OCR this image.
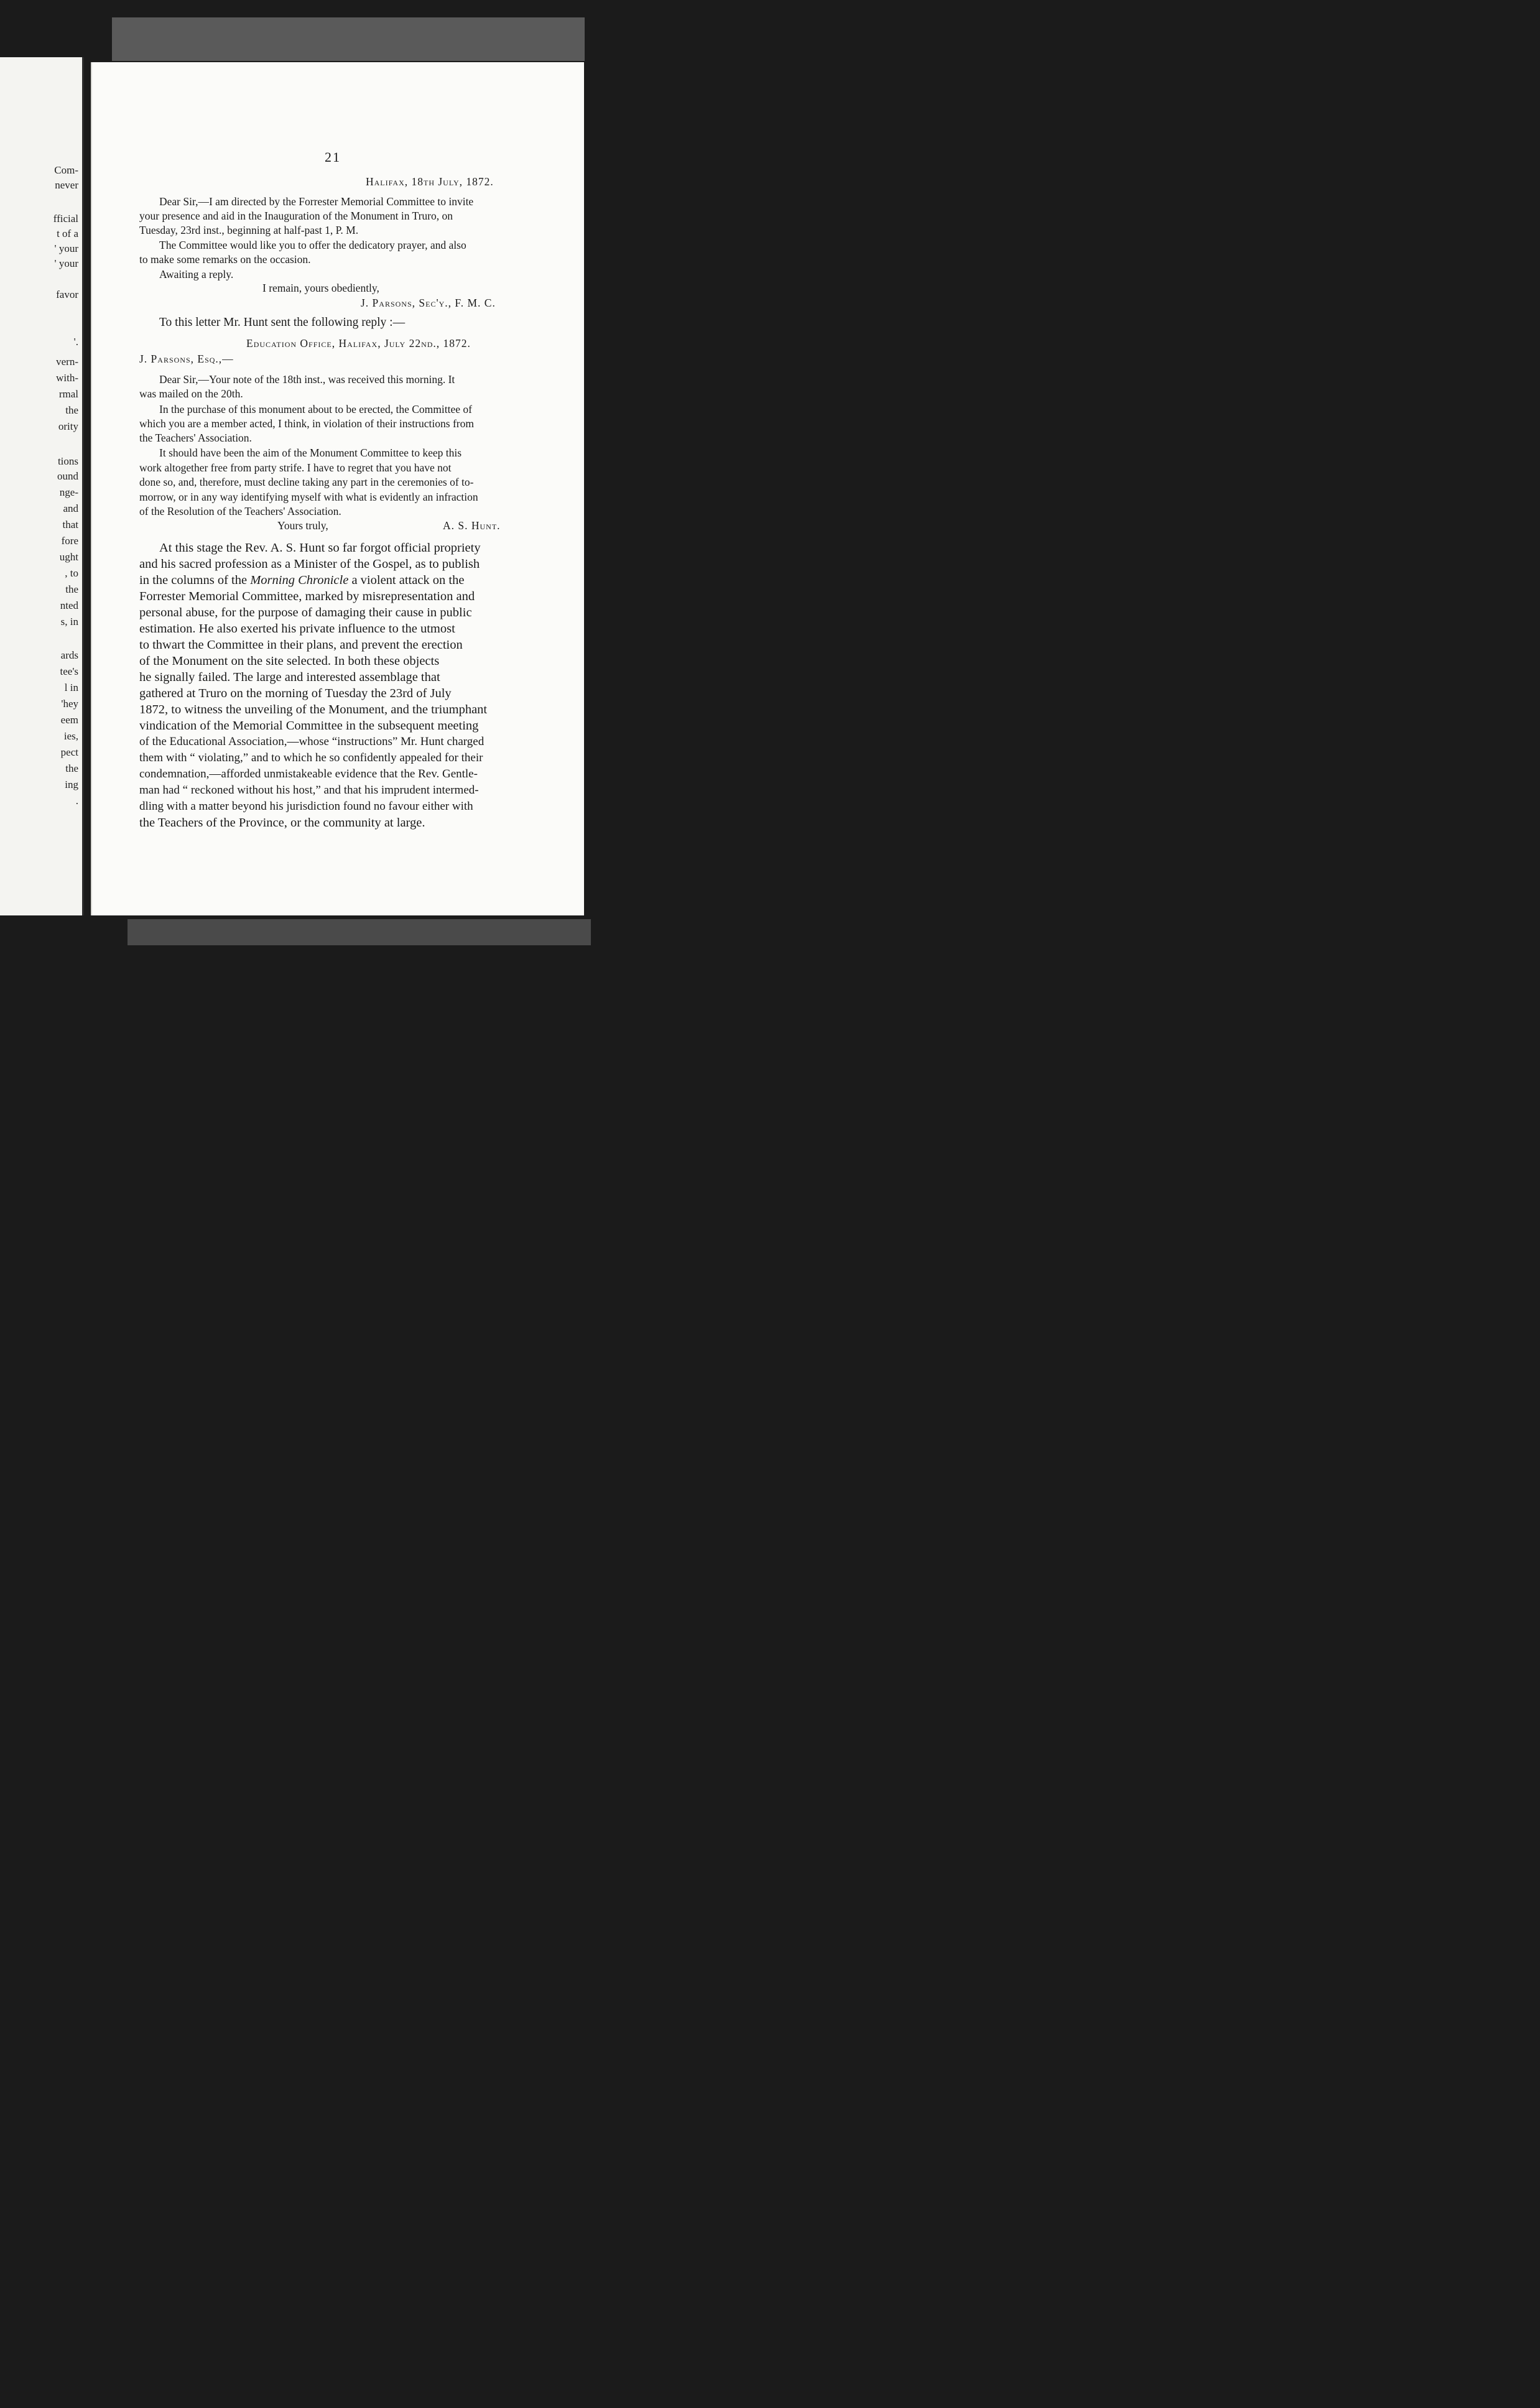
Com-
never
fficial
t of a
' your
' your
favor
'.
vern-
with-
rmal
the
ority
tions
ound
nge-
and
that
fore
ught
, to
the
nted
s, in
ards
tee's
l in
'hey
eem
ies,
pect
the
ing
.
21
Halifax, 18th July, 1872.
Dear Sir,—I am directed by the Forrester Memorial Committee to invite
your presence and aid in the Inauguration of the Monument in Truro, on
Tuesday, 23rd inst., beginning at half-past 1, P. M.
The Committee would like you to offer the dedicatory prayer, and also
to make some remarks on the occasion.
Awaiting a reply.
I remain, yours obediently,
J. Parsons, Sec'y., F. M. C.
To this letter Mr. Hunt sent the following reply :—
Education Office, Halifax, July 22nd., 1872.
J. Parsons, Esq.,—
Dear Sir,—Your note of the 18th inst., was received this morning. It
was mailed on the 20th.
In the purchase of this monument about to be erected, the Committee of
which you are a member acted, I think, in violation of their instructions from
the Teachers' Association.
It should have been the aim of the Monument Committee to keep this
work altogether free from party strife. I have to regret that you have not
done so, and, therefore, must decline taking any part in the ceremonies of to-
morrow, or in any way identifying myself with what is evidently an infraction
of the Resolution of the Teachers' Association.
Yours truly,	A. S. Hunt.
At this stage the Rev. A. S. Hunt so far forgot official propriety
and his sacred profession as a Minister of the Gospel, as to publish
in the columns of the Morning Chronicle a violent attack on the
Forrester Memorial Committee, marked by misrepresentation and
personal abuse, for the purpose of damaging their cause in public
estimation. He also exerted his private influence to the utmost
to thwart the Committee in their plans, and prevent the erection
of the Monument on the site selected. In both these objects
he signally failed. The large and interested assemblage that
gathered at Truro on the morning of Tuesday the 23rd of July
1872, to witness the unveiling of the Monument, and the triumphant
vindication of the Memorial Committee in the subsequent meeting
of the Educational Association,—whose “instructions” Mr. Hunt charged
them with “ violating,” and to which he so confidently appealed for their
condemnation,—afforded unmistakeable evidence that the Rev. Gentle-
man had “ reckoned without his host,” and that his imprudent intermed-
dling with a matter beyond his jurisdiction found no favour either with
the Teachers of the Province, or the community at large.
